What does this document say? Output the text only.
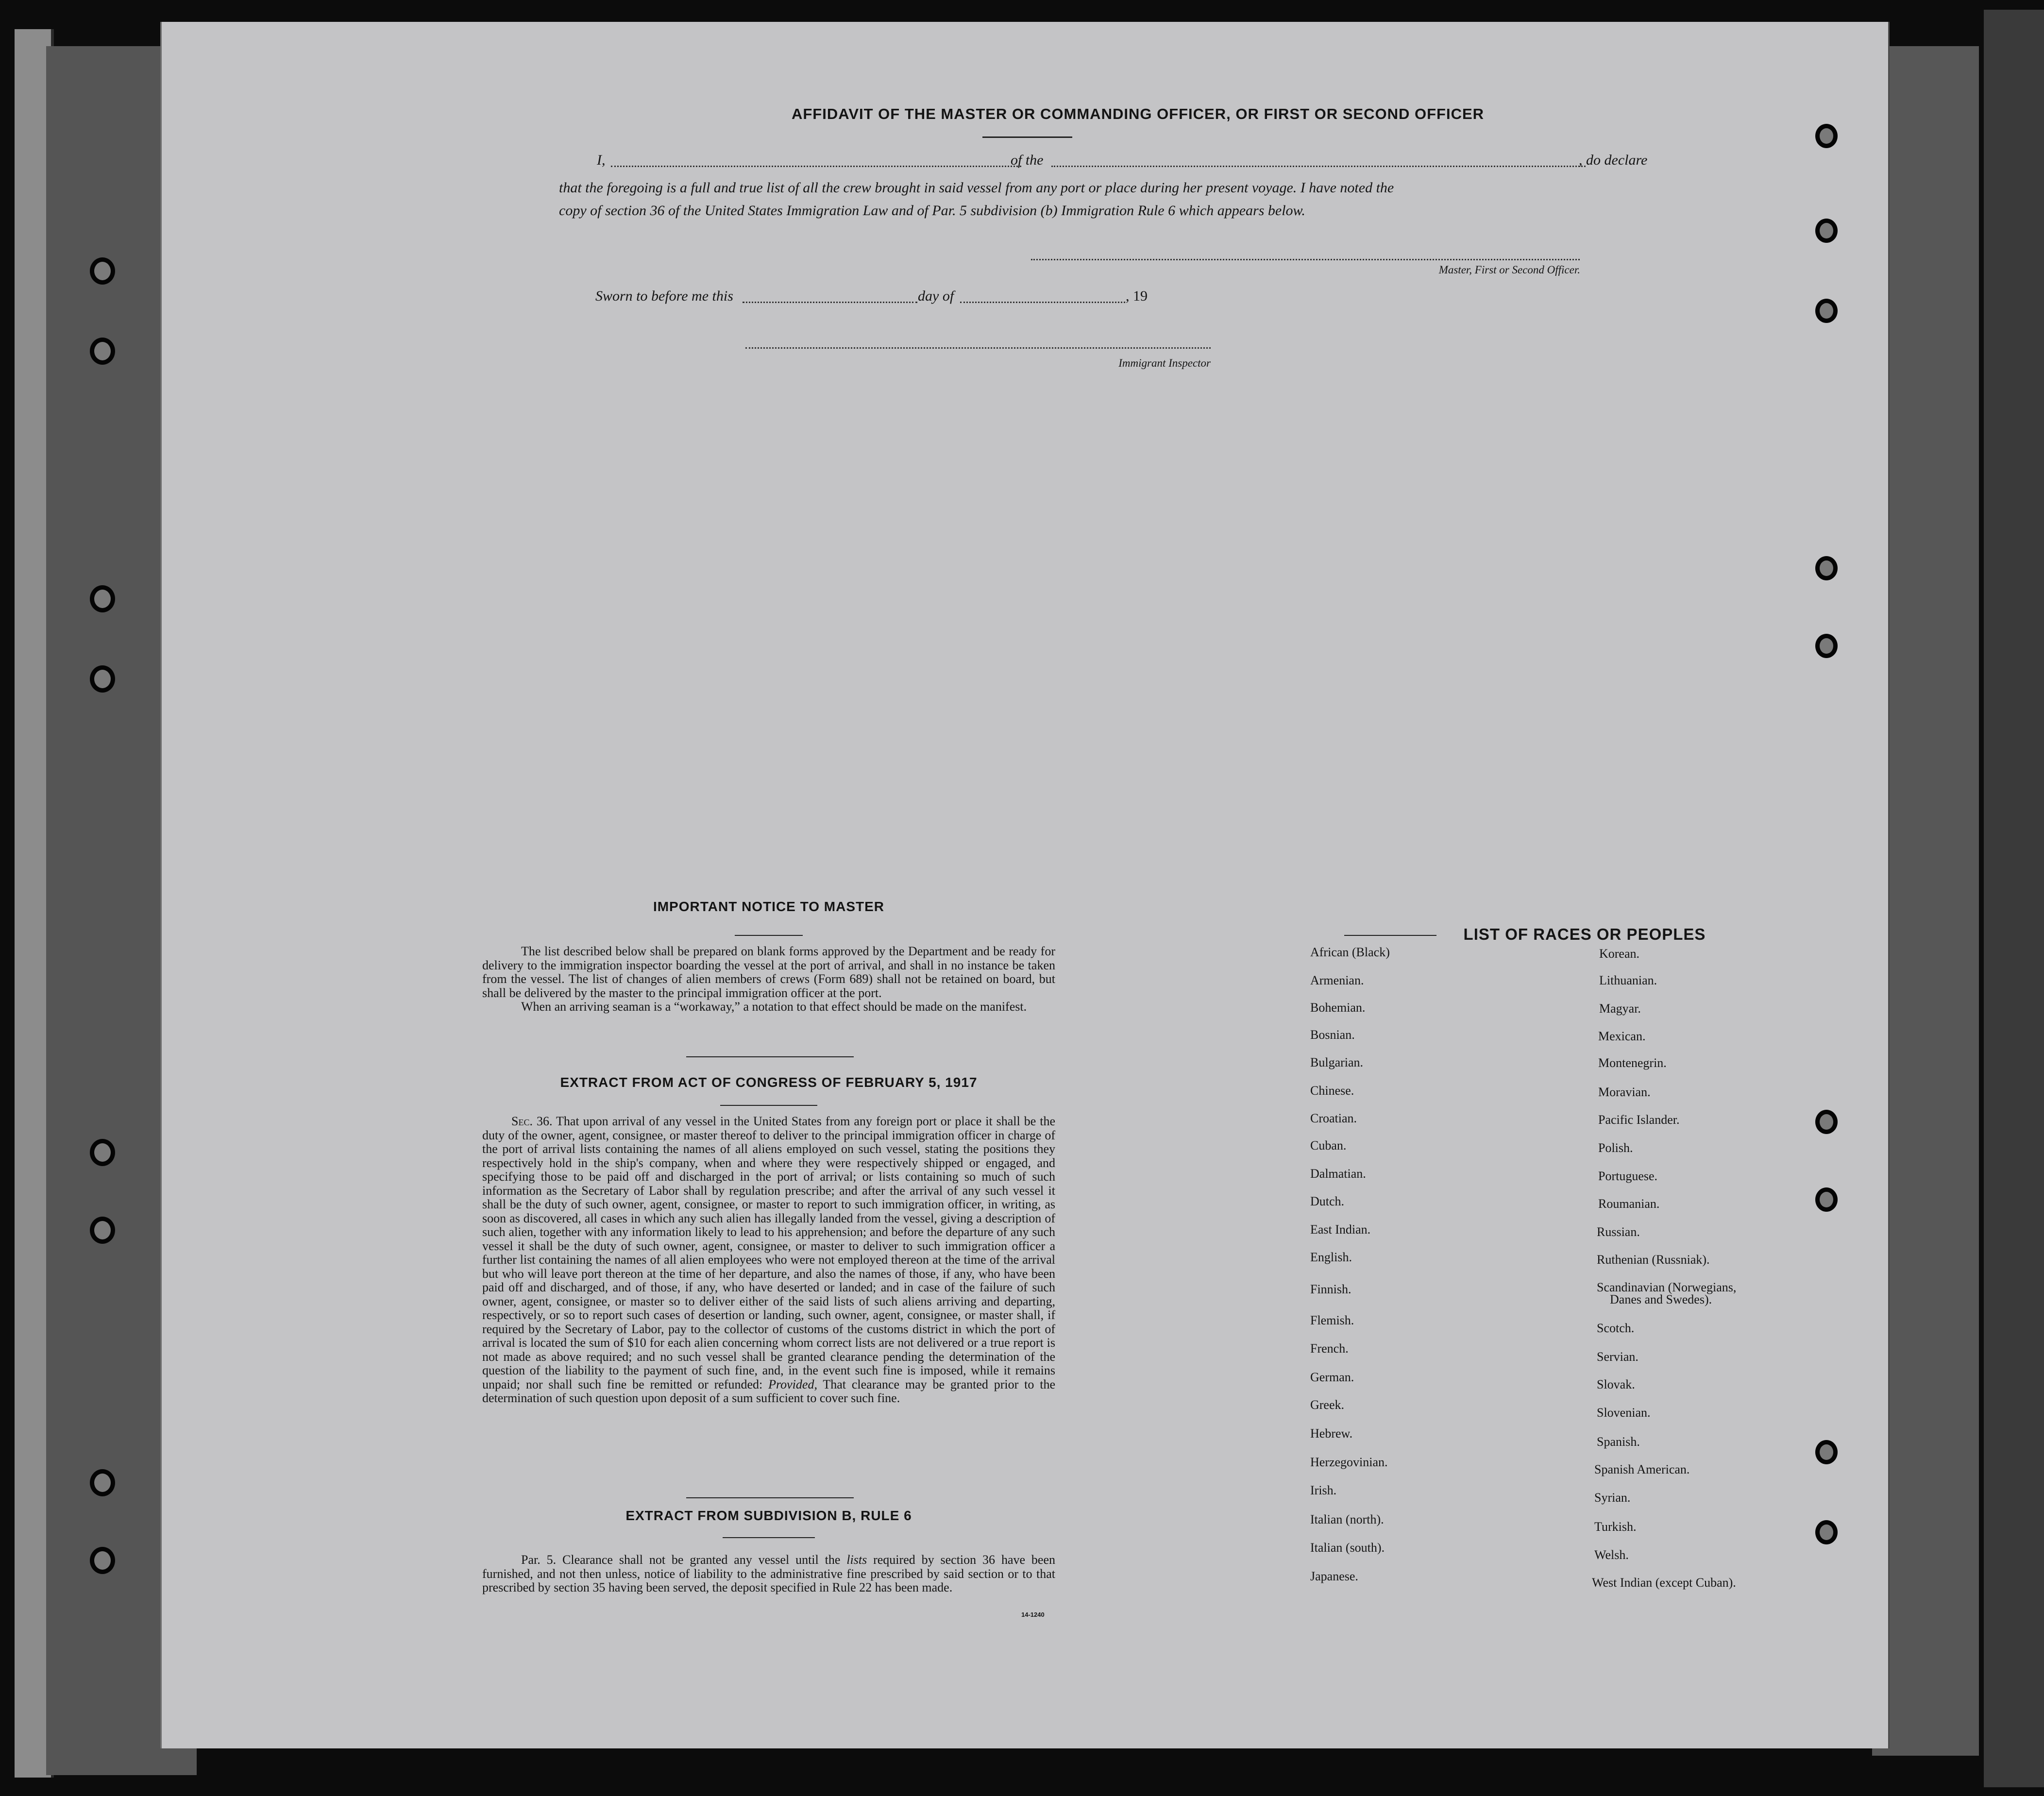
AFFIDAVIT OF THE MASTER OR COMMANDING OFFICER, OR FIRST OR SECOND OFFICER
I,	of the	, do declare
that the foregoing is a full and true list of all the crew brought in said vessel from any port or place during her present voyage. I have noted the
copy of section 36 of the United States Immigration Law and of Par. 5 subdivision (b) Immigration Rule 6 which appears below.
Master, First or Second Officer.
Sworn to before me this	day of	, 19
Immigrant Inspector
IMPORTANT NOTICE TO MASTER

The list described below shall be prepared on blank forms approved by the Department and be ready for delivery to the immigration inspector boarding the vessel at the port of arrival, and shall in no instance be taken from the vessel. The list of changes of alien members of crews (Form 689) shall not be retained on board, but shall be delivered by the master to the principal immigration officer at the port.

When an arriving seaman is a “workaway,” a notation to that effect should be made on the manifest.

EXTRACT FROM ACT OF CONGRESS OF FEBRUARY 5, 1917

Sec. 36. That upon arrival of any vessel in the United States from any foreign port or place it shall be the duty of the owner, agent, consignee, or master thereof to deliver to the principal immigration officer in charge of the port of arrival lists containing the names of all aliens employed on such vessel, stating the positions they respectively hold in the ship's company, when and where they were respectively shipped or engaged, and specifying those to be paid off and discharged in the port of arrival; or lists containing so much of such information as the Secretary of Labor shall by regulation prescribe; and after the arrival of any such vessel it shall be the duty of such owner, agent, consignee, or master to report to such immigration officer, in writing, as soon as discovered, all cases in which any such alien has illegally landed from the vessel, giving a description of such alien, together with any information likely to lead to his apprehension; and before the departure of any such vessel it shall be the duty of such owner, agent, consignee, or master to deliver to such immigration officer a further list containing the names of all alien employees who were not employed thereon at the time of the arrival but who will leave port thereon at the time of her departure, and also the names of those, if any, who have been paid off and discharged, and of those, if any, who have deserted or landed; and in case of the failure of such owner, agent, consignee, or master so to deliver either of the said lists of such aliens arriving and departing, respectively, or so to report such cases of desertion or landing, such owner, agent, consignee, or master shall, if required by the Secretary of Labor, pay to the collector of customs of the customs district in which the port of arrival is located the sum of $10 for each alien concerning whom correct lists are not delivered or a true report is not made as above required; and no such vessel shall be granted clearance pending the determination of the question of the liability to the payment of such fine, and, in the event such fine is imposed, while it remains unpaid; nor shall such fine be remitted or refunded: Provided, That clearance may be granted prior to the determination of such question upon deposit of a sum sufficient to cover such fine.

EXTRACT FROM SUBDIVISION B, RULE 6

Par. 5. Clearance shall not be granted any vessel until the lists required by section 36 have been furnished, and not then unless, notice of liability to the administrative fine prescribed by said section or to that prescribed by section 35 having been served, the deposit specified in Rule 22 has been made.

14-1240
LIST OF RACES OR PEOPLES
African (Black)
Armenian.
Bohemian.
Bosnian.
Bulgarian.
Chinese.
Croatian.
Cuban.
Dalmatian.
Dutch.
East Indian.
English.
Finnish.
Flemish.
French.
German.
Greek.
Hebrew.
Herzegovinian.
Irish.
Italian (north).
Italian (south).
Japanese.
Korean.
Lithuanian.
Magyar.
Mexican.
Montenegrin.
Moravian.
Pacific Islander.
Polish.
Portuguese.
Roumanian.
Russian.
Ruthenian (Russniak).
Scandinavian (Norwegians,
Danes and Swedes).
Scotch.
Servian.
Slovak.
Slovenian.
Spanish.
Spanish American.
Syrian.
Turkish.
Welsh.
West Indian (except Cuban).
